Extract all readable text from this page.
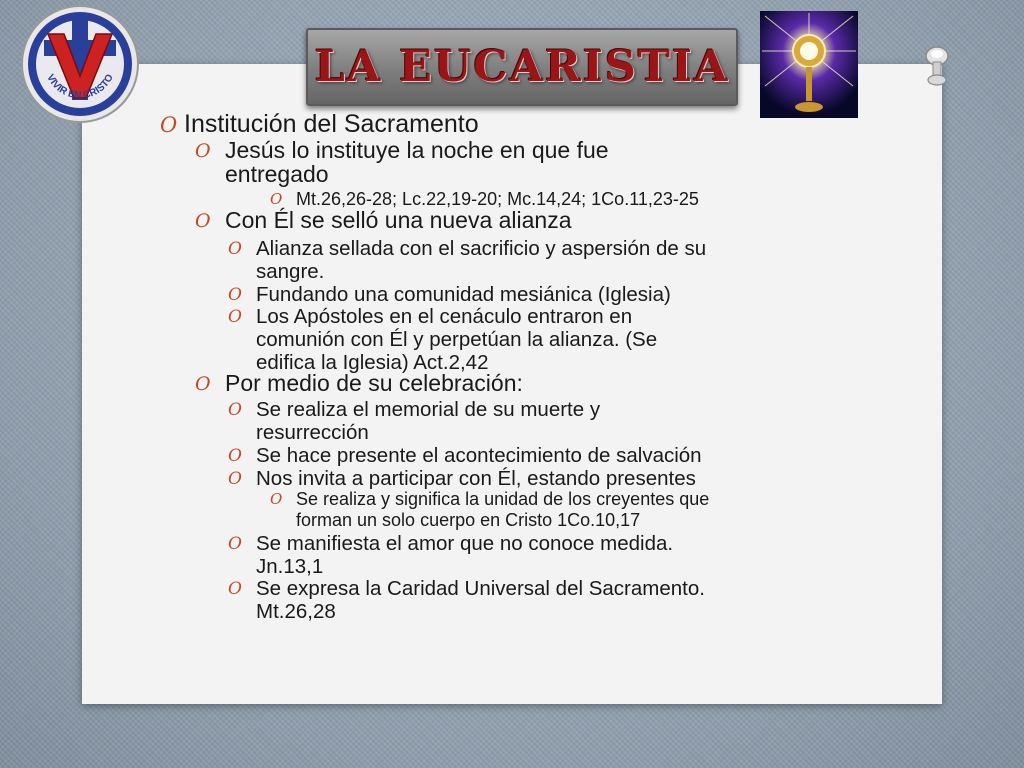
VIVIR EN CRISTO	LA EUCARISTIA
O Institución del Sacramento
O Jesús lo instituye la noche en que fue
entregado
O Mt.26,26-28; Lc.22,19-20; Mc.14,24; 1Co.11,23-25
O Con Él se selló una nueva alianza
O Alianza sellada con el sacrificio y aspersión de su
sangre.
O Fundando una comunidad mesiánica (Iglesia)
O Los Apóstoles en el cenáculo entraron en
comunión con Él y perpetúan la alianza. (Se
edifica la Iglesia) Act.2,42
O Por medio de su celebración:
O Se realiza el memorial de su muerte y
resurrección
O Se hace presente el acontecimiento de salvación
O Nos invita a participar con Él, estando presentes
O Se realiza y significa la unidad de los creyentes que
forman un solo cuerpo en Cristo 1Co.10,17
O Se manifiesta el amor que no conoce medida.
Jn.13,1
O Se expresa la Caridad Universal del Sacramento.
Mt.26,28
